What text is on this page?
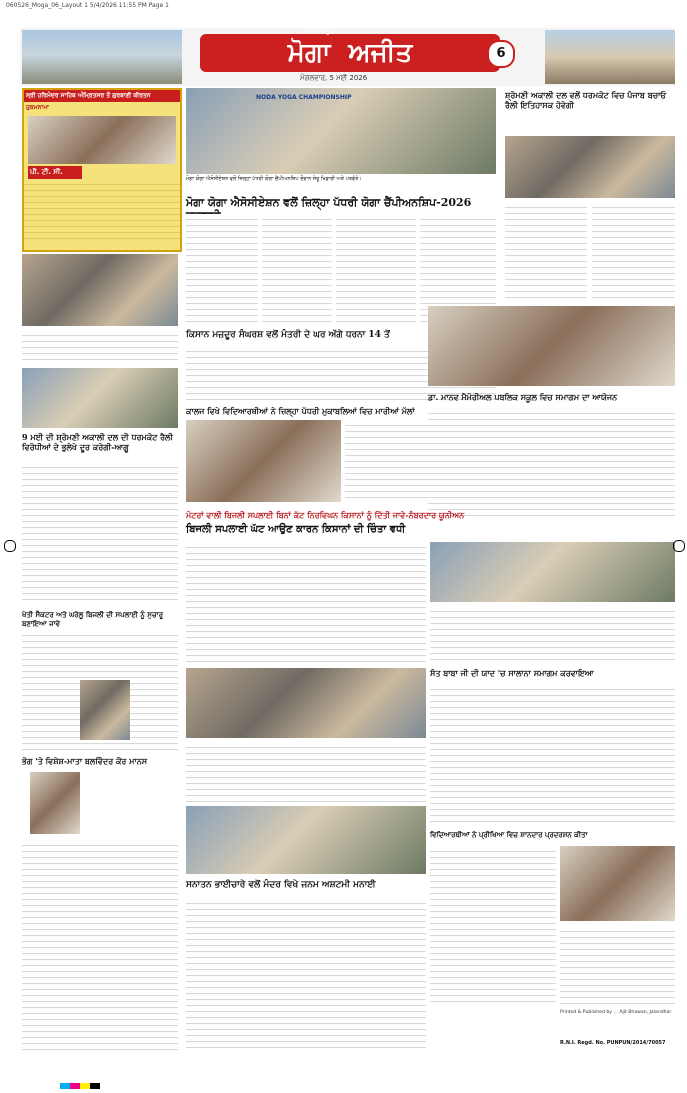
060526_Moga_06_Layout 1 5/4/2026 11:55 PM Page 1
ਮੋਗਾ ਅਜੀਤ
ਅਜੀਤ ਸਮੂਹ
6
ਮੰਗਲਵਾਰ, 5 ਮਈ 2026
ਸ੍ਰੀ ਹਰਿਮੰਦਰ ਸਾਹਿਬ ਅੰਮ੍ਰਿਤਸਰ ਤੋਂ ਗੁਰਬਾਣੀ ਕੀਰਤਨ
ਹੁਕਮਨਾਮਾ
ਪੀ. ਟੀ. ਸੀ.
NODA YOGA CHAMPIONSHIP
ਮੋਗਾ ਯੋਗਾ ਐਸੋਸੀਏਸ਼ਨ ਵਲੋਂ ਜ਼ਿਲ੍ਹਾ ਪੱਧਰੀ ਯੋਗਾ ਚੈਂਪੀਅਨਸ਼ਿਪ ਦੌਰਾਨ ਜੇਤੂ ਖਿਡਾਰੀ ਅਤੇ ਪਤਵੰਤੇ।
ਮੋਗਾ ਯੋਗਾ ਐਸੋਸੀਏਸ਼ਨ ਵਲੋਂ ਜ਼ਿਲ੍ਹਾ ਪੱਧਰੀ ਯੋਗਾ ਚੈਂਪੀਅਨਸ਼ਿਪ-2026
ਸ਼੍ਰੋਮਣੀ ਅਕਾਲੀ ਦਲ ਵਲੋਂ ਧਰਮਕੋਟ ਵਿਚ ਪੰਜਾਬ ਬਚਾਓ ਰੈਲੀ ਇਤਿਹਾਸਕ ਹੋਵੇਗੀ
ਕਿਸਾਨ ਮਜ਼ਦੂਰ ਸੰਘਰਸ਼ ਵਲੋਂ ਮੰਤਰੀ ਦੇ ਘਰ ਅੱਗੇ ਧਰਨਾ 14 ਤੋਂ
ਕਾਲਜ ਵਿਖੇ ਵਿਦਿਆਰਥੀਆਂ ਨੇ ਜ਼ਿਲ੍ਹਾ ਪੱਧਰੀ ਮੁਕਾਬਲਿਆਂ ਵਿਚ ਮਾਰੀਆਂ ਮੱਲਾਂ
ਡਾ. ਮਾਨਵ ਮੈਮੋਰੀਅਲ ਪਬਲਿਕ ਸਕੂਲ ਵਿਚ ਸਮਾਗਮ ਦਾ ਆਯੋਜਨ
9 ਮਈ ਦੀ ਸ਼੍ਰੋਮਣੀ ਅਕਾਲੀ ਦਲ ਦੀ ਧਰਮਕੋਟ ਰੈਲੀ ਵਿਰੋਧੀਆਂ ਦੇ ਭੁਲੇਖੇ ਦੂਰ ਕਰੇਗੀ-ਆਗੂ
ਮੋਟਰਾਂ ਵਾਲੀ ਬਿਜਲੀ ਸਪਲਾਈ ਬਿਨਾਂ ਕੱਟ ਨਿਰਵਿਘਨ ਕਿਸਾਨਾਂ ਨੂੰ ਦਿੱਤੀ ਜਾਵੇ-ਨੰਬਰਦਾਰ ਯੂਨੀਅਨ
ਬਿਜਲੀ ਸਪਲਾਈ ਘੱਟ ਆਉਣ ਕਾਰਨ ਕਿਸਾਨਾਂ ਦੀ ਚਿੰਤਾ ਵਧੀ
ਖੇਤੀ ਸੈਕਟਰ ਅਤੇ ਘਰੇਲੂ ਬਿਜਲੀ ਦੀ ਸਪਲਾਈ ਨੂੰ ਸੁਚਾਰੂ ਬਣਾਇਆ ਜਾਵੇ
ਭੋਗ 'ਤੇ ਵਿਸ਼ੇਸ਼-ਮਾਤਾ ਬਲਵਿੰਦਰ ਕੌਰ ਮਾਨਸ
ਸਨਾਤਨ ਭਾਈਚਾਰੇ ਵਲੋਂ ਮੰਦਰ ਵਿਖੇ ਜਨਮ ਅਸ਼ਟਮੀ ਮਨਾਈ
ਸੰਤ ਬਾਬਾ ਜੀ ਦੀ ਯਾਦ 'ਚ ਸਾਲਾਨਾ ਸਮਾਗਮ ਕਰਵਾਇਆ
ਵਿਦਿਆਰਥੀਆਂ ਨੇ ਪ੍ਰੀਖਿਆ ਵਿਚ ਸ਼ਾਨਦਾਰ ਪ੍ਰਦਰਸ਼ਨ ਕੀਤਾ
Printed & Published by ... Ajit Bhawan, Jalandhar
R.N.I. Regd. No. PUNPUN/2014/70057
